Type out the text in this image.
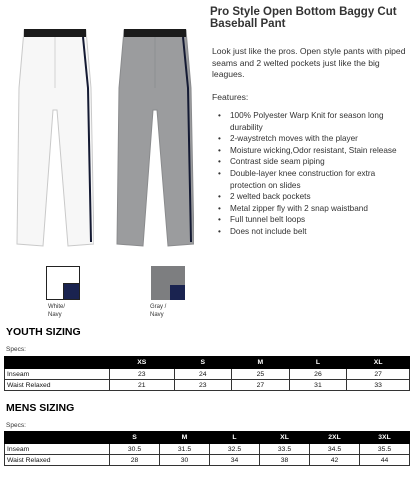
Pro Style Open Bottom Baggy Cut Baseball Pant
Look just like the pros. Open style pants with piped seams and 2 welted pockets just like the big leagues.
Features:
• 100% Polyester Warp Knit for season long durability
• 2-waystretch moves with the player
• Moisture wicking,Odor resistant, Stain release
• Contrast side seam piping
• Double-layer knee construction for extra protection on slides
• 2 welted back pockets
• Metal zipper fly with 2 snap waistband
• Full tunnel belt loops
• Does not include belt
White/
Navy
Gray /
Navy
YOUTH SIZING
Specs:
	XS	S	M	L	XL
Inseam	23	24	25	26	27
Waist Relaxed	21	23	27	31	33
MENS SIZING
Specs:
	S	M	L	XL	2XL	3XL
Inseam	30.5	31.5	32.5	33.5	34.5	35.5
Waist Relaxed	28	30	34	38	42	44
